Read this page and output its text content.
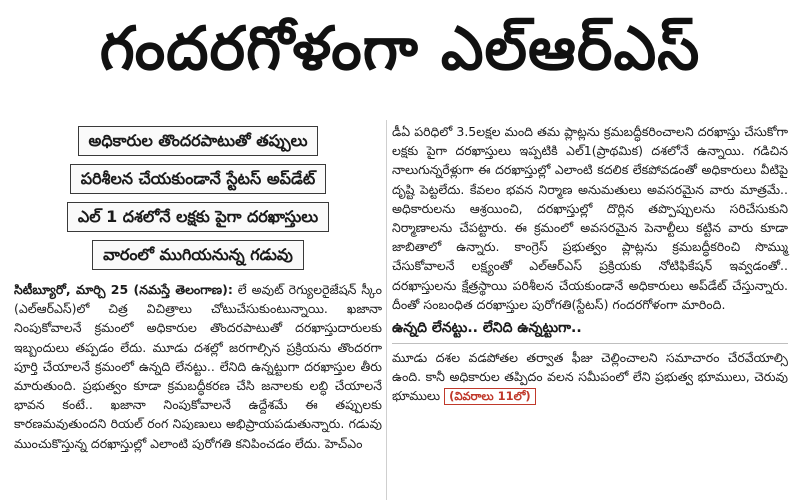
గందరగోళంగా ఎల్‌ఆర్‌ఎస్‌
అధికారుల తొందరపాటుతో తప్పులు
పరిశీలన చేయకుండానే స్టేటస్‌ అప్‌డేట్‌
ఎల్‌ 1 దశలోనే లక్షకు పైగా దరఖాస్తులు
వారంలో ముగియనున్న గడువు

సిటీబ్యూరో, మార్చి 25 (నమస్తే తెలంగాణ): లే అవుట్‌ రెగ్యులరైజేషన్‌ స్కీం (ఎల్‌ఆర్‌ఎస్‌)లో చిత్ర విచిత్రాలు చోటుచేసుకుంటున్నాయి. ఖజానా నింపుకోవాలనే క్రమంలో అధికారుల తొందరపాటుతో దరఖాస్తుదారులకు ఇబ్బందులు తప్పడం లేదు. మూడు దశల్లో జరగాల్సిన ప్రక్రియను తొందరగా పూర్తి చేయాలనే క్రమంలో ఉన్నది లేనట్టు.. లేనిది ఉన్నట్టుగా దరఖాస్తుల తీరు మారుతుంది. ప్రభుత్వం కూడా క్రమబద్ధీకరణ చేసి జనాలకు లబ్ధి చేయాలనే భావన కంటే.. ఖజానా నింపుకోవాలనే ఉద్దేశమే ఈ తప్పులకు కారణమవుతుందని రియల్‌ రంగ నిపుణులు అభిప్రాయపడుతున్నారు. గడువు ముంచుకొస్తున్న దరఖాస్తుల్లో ఎలాంటి పురోగతి కనిపించడం లేదు. హెచ్‌ఎం

డీఏ పరిధిలో 3.5లక్షల మంది తమ ప్లాట్లను క్రమబద్ధీకరించాలని దరఖాస్తు చేసుకోగా లక్షకు పైగా దరఖాస్తులు ఇప్పటికి ఎల్‌1(ప్రాథమిక) దశలోనే ఉన్నాయి. గడిచిన నాలుగున్నరేళ్లుగా ఈ దరఖాస్తుల్లో ఎలాంటి కదలిక లేకపోవడంతో అధికారులు వీటిపై దృష్టి పెట్టలేదు. కేవలం భవన నిర్మాణ అనుమతులు అవసరమైన వారు మాత్రమే.. అధికారులను ఆశ్రయించి, దరఖాస్తుల్లో దొర్లిన తప్పొప్పులను సరిచేసుకుని నిర్మాణాలను చేపట్టారు. ఈ క్రమంలో అవసరమైన పెనాల్టీలు కట్టిన వారు కూడా జాబితాలో ఉన్నారు. కాంగ్రెస్‌ ప్రభుత్వం ప్లాట్లను క్రమబద్ధీకరించి సొమ్ము చేసుకోవాలనే లక్ష్యంతో ఎల్‌ఆర్‌ఎస్‌ ప్రక్రియకు నోటిఫికేషన్‌ ఇవ్వడంతో.. దరఖాస్తులను క్షేత్రస్థాయి పరిశీలన చేయకుండానే అధికారులు అప్‌డేట్‌ చేస్తున్నారు. దీంతో సంబంధిత దరఖాస్తుల పురోగతి(స్టేటస్‌) గందరగోళంగా మారింది.

ఉన్నది లేనట్టు.. లేనిది ఉన్నట్టుగా..

మూడు దశల వడపోతల తర్వాత ఫీజు చెల్లించాలని సమాచారం చేరవేయాల్సి ఉంది. కానీ అధికారుల తప్పిదం వలన సమీపంలో లేని ప్రభుత్వ భూములు, చెరువు భూములు (వివరాలు 11లో)
